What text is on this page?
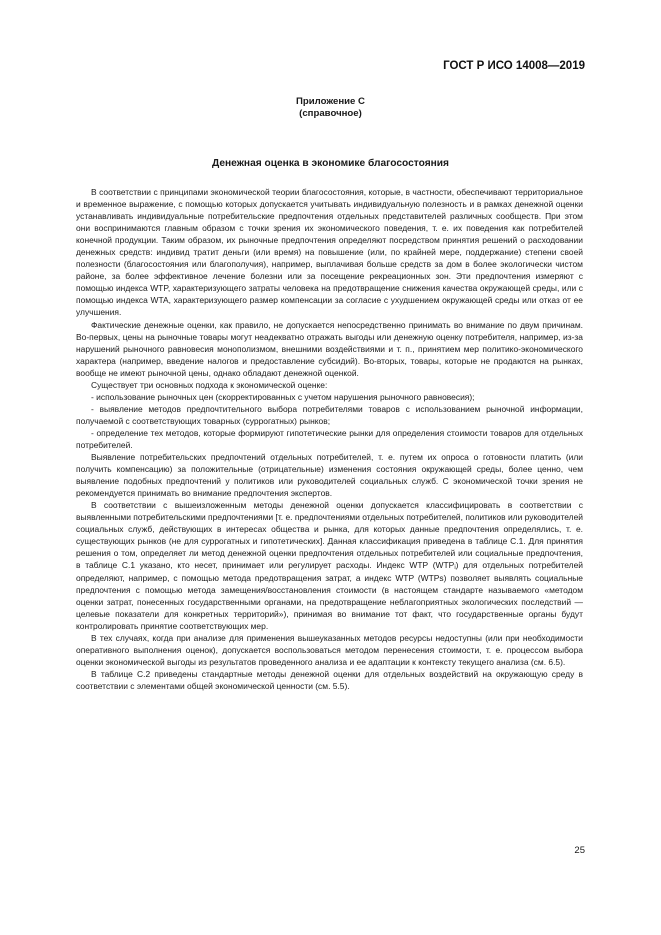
ГОСТ Р ИСО 14008—2019
Приложение C
(справочное)
Денежная оценка в экономике благосостояния

В соответствии с принципами экономической теории благосостояния, которые, в частности, обеспечивают территориальное и временное выражение, с помощью которых допускается учитывать индивидуальную полезность и в рамках денежной оценки устанавливать индивидуальные потребительские предпочтения отдельных представителей различных сообществ. При этом они воспринимаются главным образом с точки зрения их экономического поведения, т. е. их поведения как потребителей конечной продукции. Таким образом, их рыночные предпочтения определяют посредством принятия решений о расходовании денежных средств: индивид тратит деньги (или время) на повышение (или, по крайней мере, поддержание) степени своей полезности (благосостояния или благополучия), например, выплачивая больше средств за дом в более экологически чистом районе, за более эффективное лечение болезни или за посещение рекреационных зон. Эти предпочтения измеряют с помощью индекса WTP, характеризующего затраты человека на предотвращение снижения качества окружающей среды, или с помощью индекса WTA, характеризующего размер компенсации за согласие с ухудшением окружающей среды или отказ от ее улучшения.

Фактические денежные оценки, как правило, не допускается непосредственно принимать во внимание по двум причинам. Во-первых, цены на рыночные товары могут неадекватно отражать выгоды или денежную оценку потребителя, например, из-за нарушений рыночного равновесия монополизмом, внешними воздействиями и т. п., принятием мер политико-экономического характера (например, введение налогов и предоставление субсидий). Во-вторых, товары, которые не продаются на рынках, вообще не имеют рыночной цены, однако обладают денежной оценкой.

Существует три основных подхода к экономической оценке:

- использование рыночных цен (скорректированных с учетом нарушения рыночного равновесия);

- выявление методов предпочтительного выбора потребителями товаров с использованием рыночной информации, получаемой с соответствующих товарных (суррогатных) рынков;

- определение тех методов, которые формируют гипотетические рынки для определения стоимости товаров для отдельных потребителей.

Выявление потребительских предпочтений отдельных потребителей, т. е. путем их опроса о готовности платить (или получить компенсацию) за положительные (отрицательные) изменения состояния окружающей среды, более ценно, чем выявление подобных предпочтений у политиков или руководителей социальных служб. С экономической точки зрения не рекомендуется принимать во внимание предпочтения экспертов.

В соответствии с вышеизложенным методы денежной оценки допускается классифицировать в соответствии с выявленными потребительскими предпочтениями [т. е. предпочтениями отдельных потребителей, политиков или руководителей социальных служб, действующих в интересах общества и рынка, для которых данные предпочтения определялись, т. е. существующих рынков (не для суррогатных и гипотетических]. Данная классификация приведена в таблице C.1. Для принятия решения о том, определяет ли метод денежной оценки предпочтения отдельных потребителей или социальные предпочтения, в таблице C.1 указано, кто несет, принимает или регулирует расходы. Индекс WTP $(WTP_i)$ для отдельных потребителей определяют, например, с помощью метода предотвращения затрат, а индекс WTP (WTPs) позволяет выявлять социальные предпочтения с помощью метода замещения/восстановления стоимости (в настоящем стандарте называемого «методом оценки затрат, понесенных государственными органами, на предотвращение неблагоприятных экологических последствий — целевые показатели для конкретных территорий»), принимая во внимание тот факт, что государственные органы будут контролировать принятие соответствующих мер.

В тех случаях, когда при анализе для применения вышеуказанных методов ресурсы недоступны (или при необходимости оперативного выполнения оценок), допускается воспользоваться методом перенесения стоимости, т. е. процессом выбора оценки экономической выгоды из результатов проведенного анализа и ее адаптации к контексту текущего анализа (см. 6.5).

В таблице C.2 приведены стандартные методы денежной оценки для отдельных воздействий на окружающую среду в соответствии с элементами общей экономической ценности (см. 5.5).

25
